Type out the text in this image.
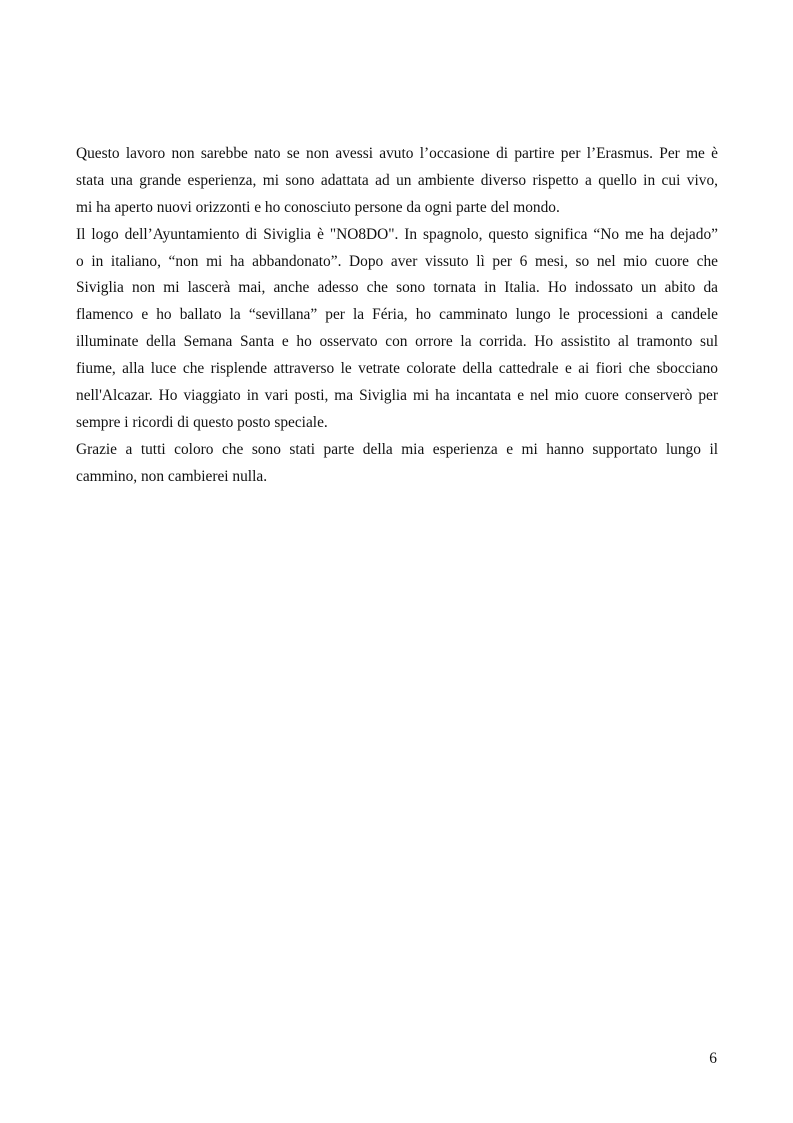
Questo lavoro non sarebbe nato se non avessi avuto l’occasione di partire per l’Erasmus. Per me è
stata una grande esperienza, mi sono adattata ad un ambiente diverso rispetto a quello in cui vivo,
mi ha aperto nuovi orizzonti e ho conosciuto persone da ogni parte del mondo.
Il logo dell’Ayuntamiento di Siviglia è "NO8DO". In spagnolo, questo significa “No me ha dejado”
o in italiano, “non mi ha abbandonato”. Dopo aver vissuto lì per 6 mesi, so nel mio cuore che
Siviglia non mi lascerà mai, anche adesso che sono tornata in Italia. Ho indossato un abito da
flamenco e ho ballato la “sevillana” per la Féria, ho camminato lungo le processioni a candele
illuminate della Semana Santa e ho osservato con orrore la corrida. Ho assistito al tramonto sul
fiume, alla luce che risplende attraverso le vetrate colorate della cattedrale e ai fiori che sbocciano
nell'Alcazar. Ho viaggiato in vari posti, ma Siviglia mi ha incantata e nel mio cuore conserverò per
sempre i ricordi di questo posto speciale.
Grazie a tutti coloro che sono stati parte della mia esperienza e mi hanno supportato lungo il
cammino, non cambierei nulla.
6
